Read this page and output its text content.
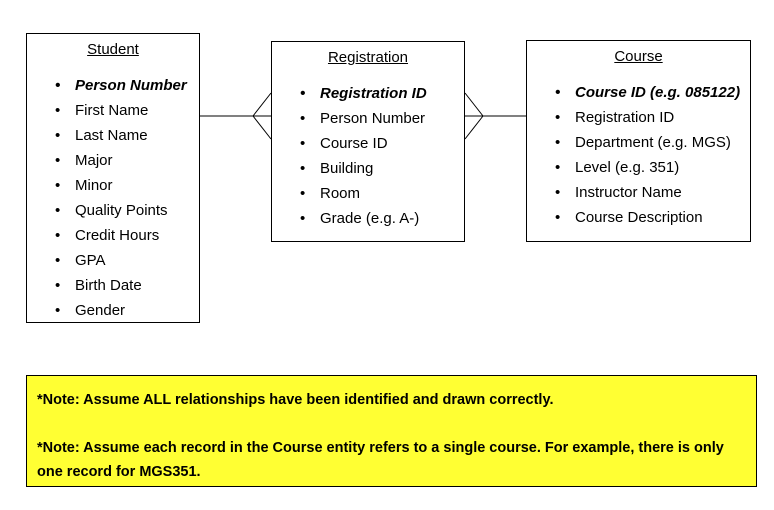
Student
• Person Number
• First Name
• Last Name
• Major
• Minor
• Quality Points
• Credit Hours
• GPA
• Birth Date
• Gender
Registration
• Registration ID
• Person Number
• Course ID
• Building
• Room
• Grade (e.g. A-)
Course
• Course ID (e.g. 085122)
• Registration ID
• Department (e.g. MGS)
• Level (e.g. 351)
• Instructor Name
• Course Description

*Note: Assume ALL relationships have been identified and drawn correctly.

*Note: Assume each record in the Course entity refers to a single course. For example, there is only one record for MGS351.
